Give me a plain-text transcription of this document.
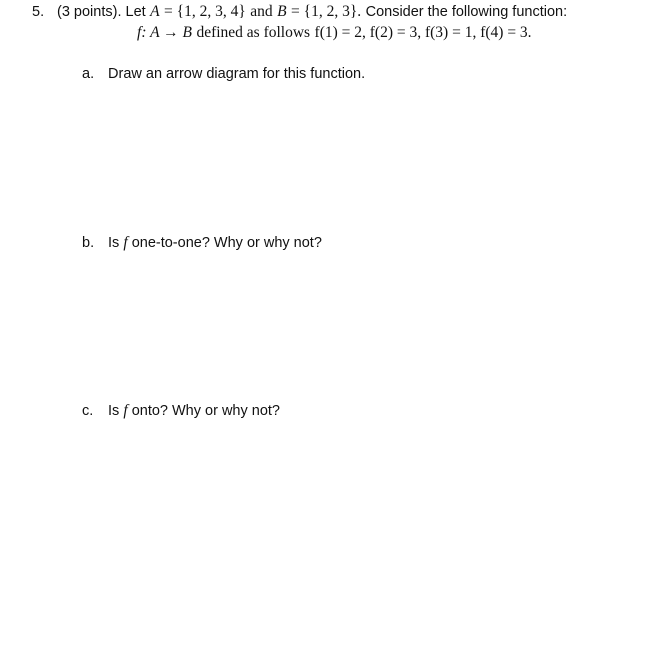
5. (3 points). Let A = {1, 2, 3, 4} and B = {1, 2, 3}. Consider the following function:
f: A → B defined as follows f(1) = 2, f(2) = 3, f(3) = 1, f(4) = 3.
a. Draw an arrow diagram for this function.
b. Is f one-to-one? Why or why not?
c. Is f onto? Why or why not?
